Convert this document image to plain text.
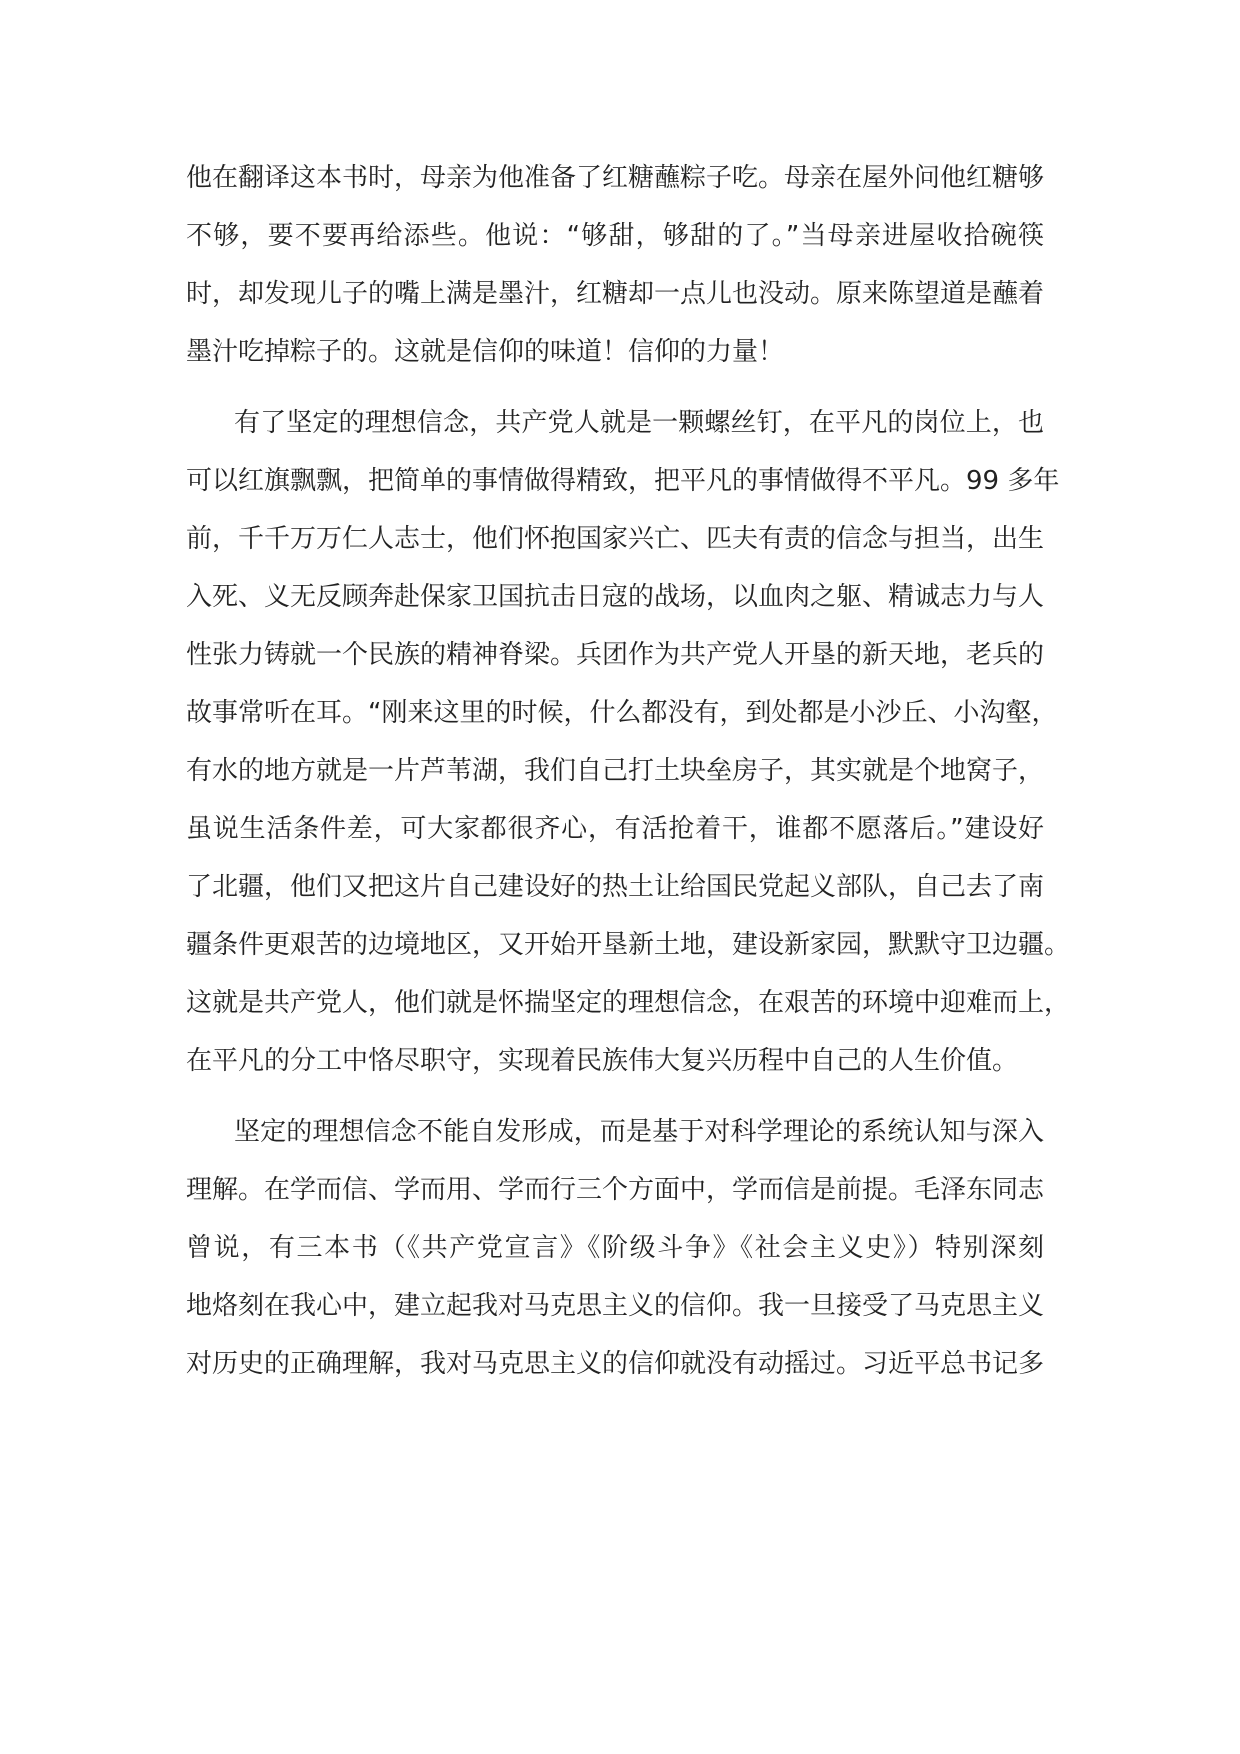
他在翻译这本书时，母亲为他准备了红糖蘸粽子吃。母亲在屋外问他红糖够
不够，要不要再给添些。他说：“够甜，够甜的了。”当母亲进屋收拾碗筷
时，却发现儿子的嘴上满是墨汁，红糖却一点儿也没动。原来陈望道是蘸着
墨汁吃掉粽子的。这就是信仰的味道！信仰的力量！
有了坚定的理想信念，共产党人就是一颗螺丝钉，在平凡的岗位上，也
可以红旗飘飘，把简单的事情做得精致，把平凡的事情做得不平凡。99 多年
前，千千万万仁人志士，他们怀抱国家兴亡、匹夫有责的信念与担当，出生
入死、义无反顾奔赴保家卫国抗击日寇的战场，以血肉之躯、精诚志力与人
性张力铸就一个民族的精神脊梁。兵团作为共产党人开垦的新天地，老兵的
故事常听在耳。“刚来这里的时候，什么都没有，到处都是小沙丘、小沟壑，
有水的地方就是一片芦苇湖，我们自己打土块垒房子，其实就是个地窝子，
虽说生活条件差，可大家都很齐心，有活抢着干，谁都不愿落后。”建设好
了北疆，他们又把这片自己建设好的热土让给国民党起义部队，自己去了南
疆条件更艰苦的边境地区，又开始开垦新土地，建设新家园，默默守卫边疆。
这就是共产党人，他们就是怀揣坚定的理想信念，在艰苦的环境中迎难而上，
在平凡的分工中恪尽职守，实现着民族伟大复兴历程中自己的人生价值。
坚定的理想信念不能自发形成，而是基于对科学理论的系统认知与深入
理解。在学而信、学而用、学而行三个方面中，学而信是前提。毛泽东同志
曾说，有三本书（《共产党宣言》《阶级斗争》《社会主义史》）特别深刻
地烙刻在我心中，建立起我对马克思主义的信仰。我一旦接受了马克思主义
对历史的正确理解，我对马克思主义的信仰就没有动摇过。习近平总书记多
